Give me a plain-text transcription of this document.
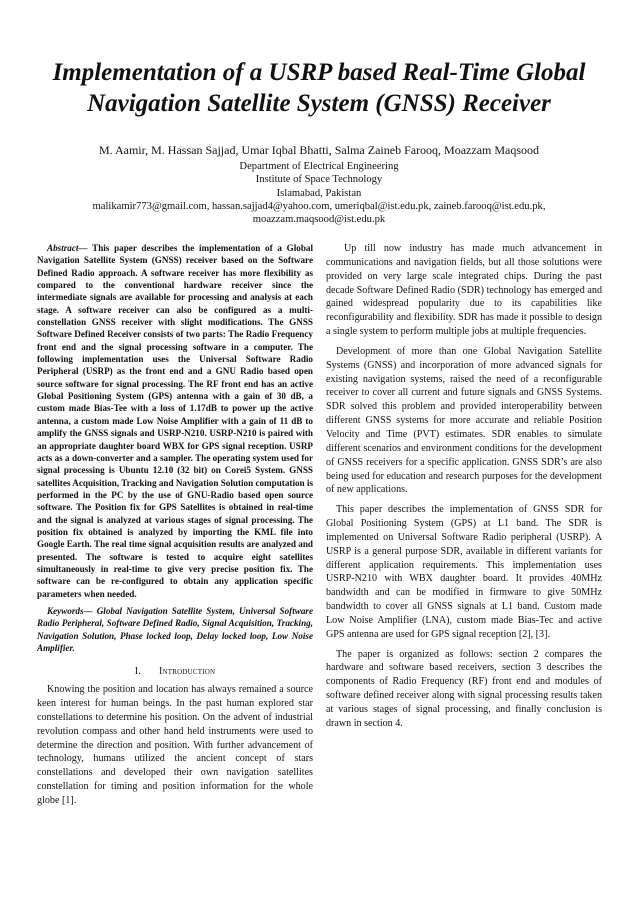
Implementation of a USRP based Real-Time Global
Navigation Satellite System (GNSS) Receiver
M. Aamir, M. Hassan Sajjad, Umar Iqbal Bhatti, Salma Zaineb Farooq, Moazzam Maqsood
Department of Electrical Engineering
Institute of Space Technology
Islamabad, Pakistan
malikamir773@gmail.com, hassan.sajjad4@yahoo.com, umeriqbal@ist.edu.pk, zaineb.farooq@ist.edu.pk,
moazzam.maqsood@ist.edu.pk

Abstract— This paper describes the implementation of a Global Navigation Satellite System (GNSS) receiver based on the Software Defined Radio approach. A software receiver has more flexibility as compared to the conventional hardware receiver since the intermediate signals are available for processing and analysis at each stage. A software receiver can also be configured as a multi-constellation GNSS receiver with slight modifications. The GNSS Software Defined Receiver consists of two parts: The Radio Frequency front end and the signal processing software in a computer. The following implementation uses the Universal Software Radio Peripheral (USRP) as the front end and a GNU Radio based open source software for signal processing. The RF front end has an active Global Positioning System (GPS) antenna with a gain of 30 dB, a custom made Bias-Tee with a loss of 1.17dB to power up the active antenna, a custom made Low Noise Amplifier with a gain of 11 dB to amplify the GNSS signals and USRP-N210. USRP-N210 is paired with an appropriate daughter board WBX for GPS signal reception. USRP acts as a down-converter and a sampler. The operating system used for signal processing is Ubuntu 12.10 (32 bit) on Corei5 System. GNSS satellites Acquisition, Tracking and Navigation Solution computation is performed in the PC by the use of GNU-Radio based open source software. The Position fix for GPS Satellites is obtained in real-time and the signal is analyzed at various stages of signal processing. The position fix obtained is analyzed by importing the KML file into Google Earth. The real time signal acquisition results are analyzed and presented. The software is tested to acquire eight satellites simultaneously in real-time to give very precise position fix. The software can be re-configured to obtain any application specific parameters when needed.

Keywords— Global Navigation Satellite System, Universal Software Radio Peripheral, Software Defined Radio, Signal Acquisition, Tracking, Navigation Solution, Phase locked loop, Delay locked loop, Low Noise Amplifier.

I. Introduction

Knowing the position and location has always remained a source keen interest for human beings. In the past human explored star constellations to determine his position. On the advent of industrial revolution compass and other hand held instruments were used to determine the direction and position. With further advancement of technology, humans utilized the ancient concept of stars constellations and developed their own navigation satellites constellation for timing and position information for the whole globe [1].

Up till now industry has made much advancement in communications and navigation fields, but all those solutions were provided on very large scale integrated chips. During the past decade Software Defined Radio (SDR) technology has emerged and gained widespread popularity due to its capabilities like reconfigurability and flexibility. SDR has made it possible to design a single system to perform multiple jobs at multiple frequencies.

Development of more than one Global Navigation Satellite Systems (GNSS) and incorporation of more advanced signals for existing navigation systems, raised the need of a reconfigurable receiver to cover all current and future signals and GNSS Systems. SDR solved this problem and provided interoperability between different GNSS systems for more accurate and reliable Position Velocity and Time (PVT) estimates. SDR enables to simulate different scenarios and environment conditions for the development of GNSS receivers for a specific application. GNSS SDR’s are also being used for education and research purposes for the development of new applications.

This paper describes the implementation of GNSS SDR for Global Positioning System (GPS) at L1 band. The SDR is implemented on Universal Software Radio peripheral (USRP). A USRP is a general purpose SDR, available in different variants for different application requirements. This implementation uses USRP-N210 with WBX daughter board. It provides 40MHz bandwidth and can be modified in firmware to give 50MHz bandwidth to cover all GNSS signals at L1 band. Custom made Low Noise Amplifier (LNA), custom made Bias-Tec and active GPS antenna are used for GPS signal reception [2], [3].

The paper is organized as follows: section 2 compares the hardware and software based receivers, section 3 describes the components of Radio Frequency (RF) front end and modules of software defined receiver along with signal processing results taken at various stages of signal processing, and finally conclusion is drawn in section 4.
